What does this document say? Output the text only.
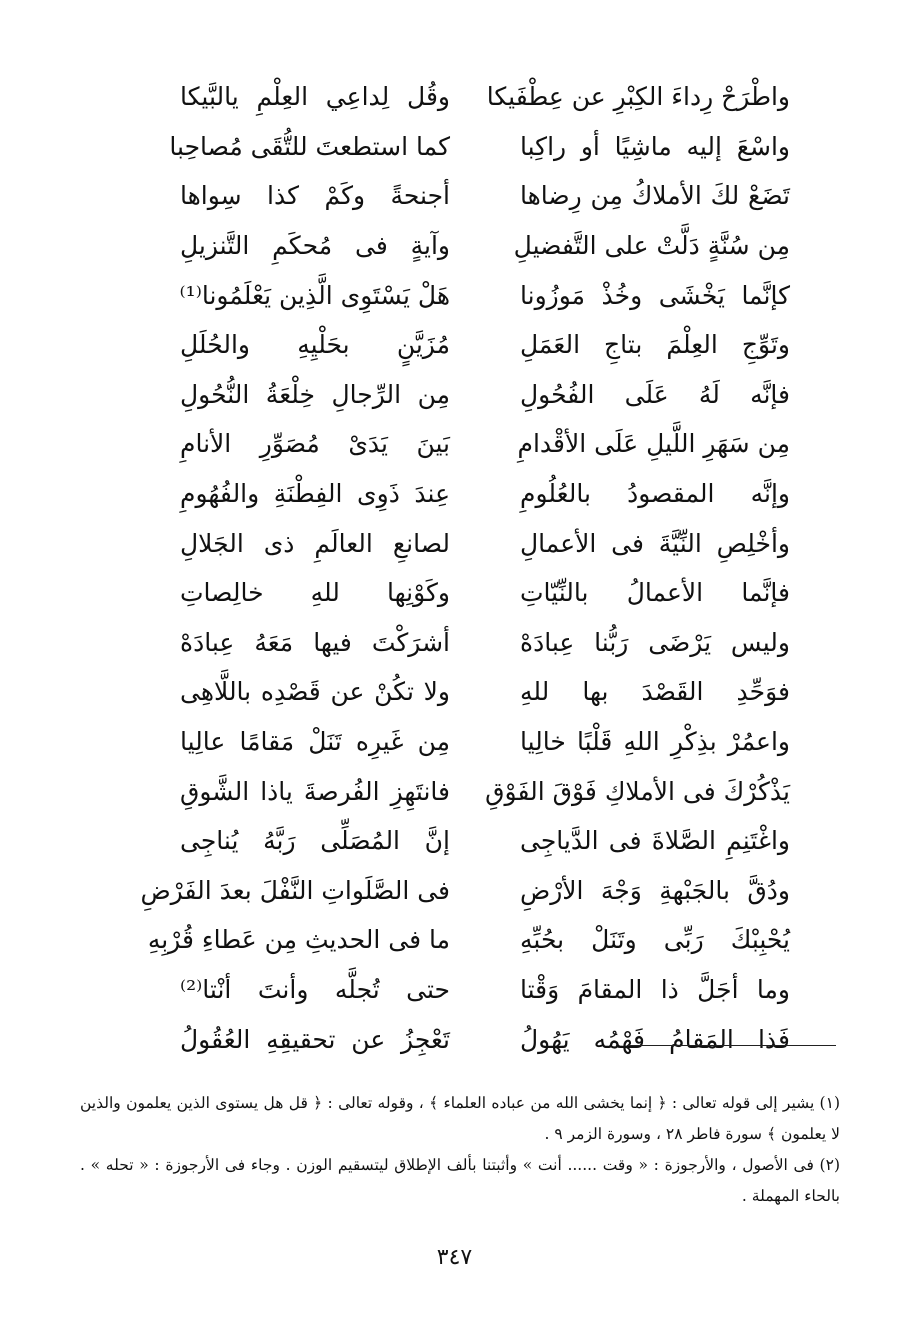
واطْرَحْ رِداءَ الكِبْرِ عن عِطْفَيكا
وقُل لِداعِي العِلْمِ يالبَّيكا
واسْعَ إليه ماشِيًا أو راكِبا
كما استطعتَ للتُّقَى مُصاحِبا
تَضَعْ لكَ الأملاكُ مِن رِضاها
أجنحةً وكَمْ كذا سِواها
مِن سُنَّةٍ دَلَّتْ على التَّفضيلِ
وآيةٍ فى مُحكَمِ التَّنزيلِ
كإنَّما يَخْشَى وخُذْ مَوزُونا
هَلْ يَسْتَوِى الَّذِين يَعْلَمُونا⁽¹⁾
وتَوِّجِ العِلْمَ بتاجِ العَمَلِ
مُزَيَّنٍ بحَلْيِهِ والحُلَلِ
فإنَّه لَهُ عَلَى الفُحُولِ
مِن الرِّجالِ خِلْعَةُ النُّحُولِ
مِن سَهَرِ اللَّيلِ عَلَى الأقْدامِ
بَينَ يَدَىْ مُصَوِّرِ الأنامِ
وإنَّه المقصودُ بالعُلُومِ
عِندَ ذَوِى الفِطْنَةِ والفُهُومِ
وأخْلِصِ النِّيَّةَ فى الأعمالِ
لصانعِ العالَمِ ذى الجَلالِ
فإنَّما الأعمالُ بالنِّيّاتِ
وكَوْنِها للهِ خالِصاتِ
وليس يَرْضَى رَبُّنا عِبادَهْ
أشرَكْتَ فيها مَعَهُ عِبادَهْ
فوَحِّدِ القَصْدَ بها للهِ
ولا تكُنْ عن قَصْدِه باللَّاهِى
واعمُرْ بذِكْرِ اللهِ قَلْبًا خالِيا
مِن غَيرِه تَنَلْ مَقامًا عالِيا
يَذْكُرْكَ فى الأملاكِ فَوْقَ الفَوْقِ
فانتَهِزِ الفُرصةَ ياذا الشَّوقِ
واغْتَنِمِ الصَّلاةَ فى الدَّياجِى
إنَّ المُصَلِّى رَبَّهُ يُناجِى
ودُقَّ بالجَبْهةِ وَجْهَ الأرْضِ
فى الصَّلَواتِ النَّفْلَ بعدَ الفَرْضِ
يُحْبِبْكَ رَبِّى وتَنَلْ بحُبِّهِ
ما فى الحديثِ مِن عَطاءِ قُرْبِهِ
وما أجَلَّ ذا المقامَ وَقْتا
حتى تُجلَّه وأنتَ أنْتا⁽²⁾
فَذا المَقامُ فَهْمُه يَهُولُ
تَعْجِزُ عن تحقيقِهِ العُقُولُ

(١) يشير إلى قوله تعالى : ﴿ إنما يخشى الله من عباده العلماء ﴾ ، وقوله تعالى : ﴿ قل هل يستوى الذين يعلمون والذين لا يعلمون ﴾ سورة فاطر ٢٨ ، وسورة الزمر ٩ .

(٢) فى الأصول ، والأرجوزة : « وقت ...... أنت » وأثبتنا بألف الإطلاق ليتسقيم الوزن . وجاء فى الأرجوزة : « تحله » . بالحاء المهملة .

٣٤٧
